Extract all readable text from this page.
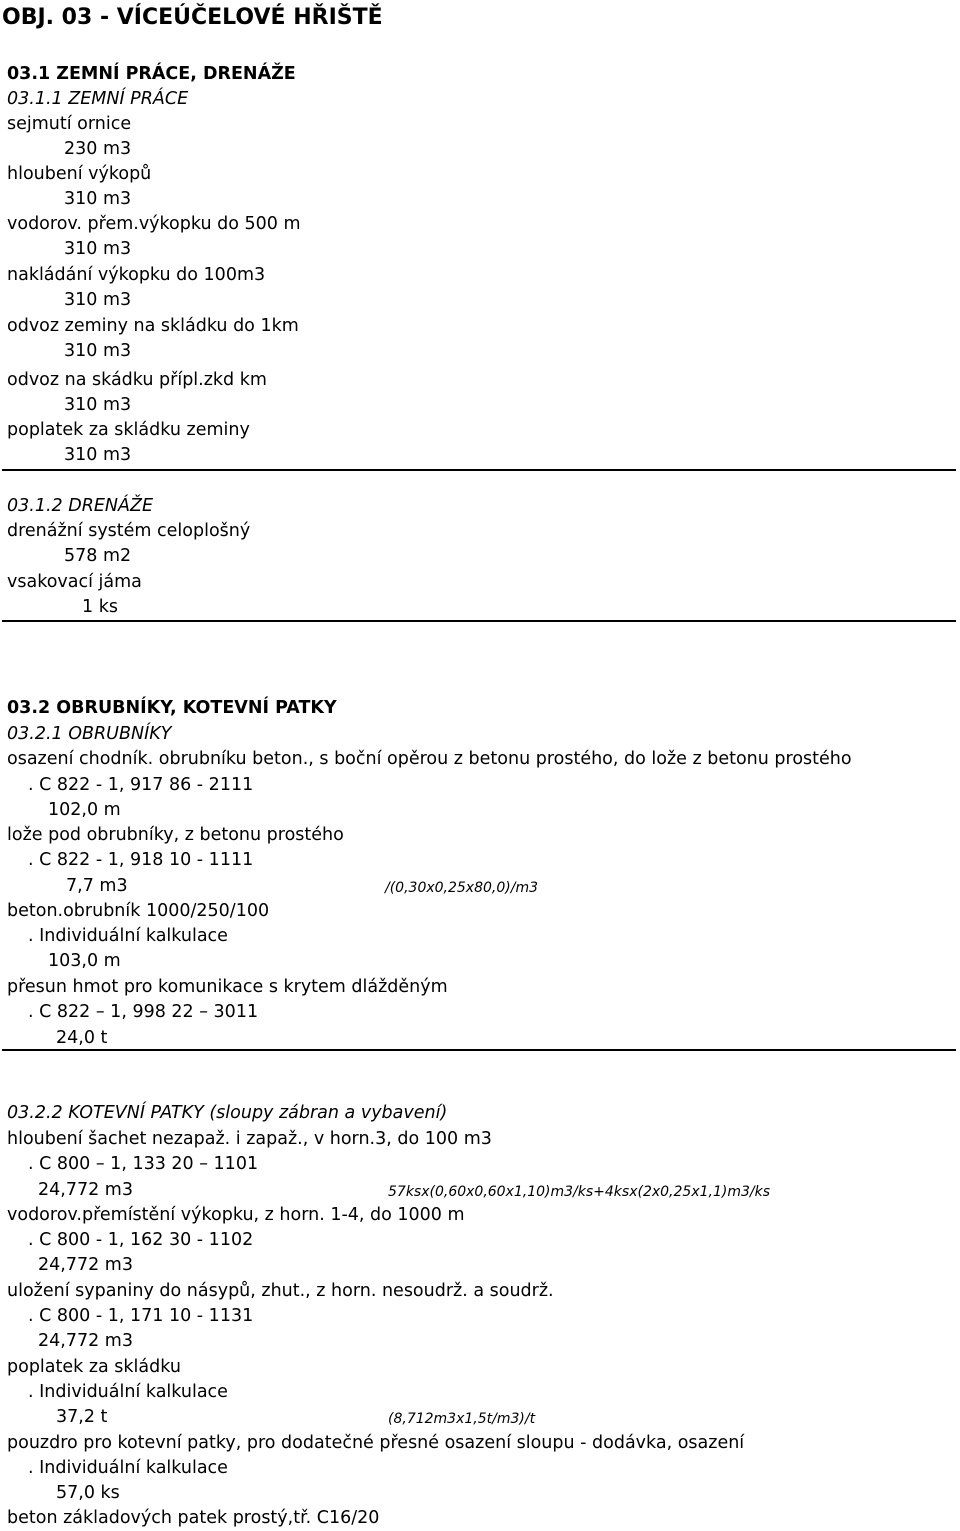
OBJ. 03 - VÍCEÚČELOVÉ HŘIŠTĚ
03.1 ZEMNÍ PRÁCE, DRENÁŽE
03.1.1 ZEMNÍ PRÁCE
sejmutí ornice
230 m3
hloubení výkopů
310 m3
vodorov. přem.výkopku do 500 m
310 m3
nakládání výkopku do 100m3
310 m3
odvoz zeminy na skládku do 1km
310 m3
odvoz na skádku přípl.zkd km
310 m3
poplatek za skládku zeminy
310 m3
03.1.2 DRENÁŽE
drenážní systém celoplošný
578 m2
vsakovací jáma
1 ks
03.2 OBRUBNÍKY, KOTEVNÍ PATKY
03.2.1 OBRUBNÍKY
osazení chodník. obrubníku beton., s boční opěrou z betonu prostého, do lože z betonu prostého
. C 822 - 1, 917 86 - 2111
102,0 m
lože pod obrubníky, z betonu prostého
. C 822 - 1, 918 10 - 1111
7,7 m3	/(0,30x0,25x80,0)/m3
beton.obrubník 1000/250/100
. Individuální kalkulace
103,0 m
přesun hmot pro komunikace s krytem dlážděným
. C 822 – 1, 998 22 – 3011
24,0 t
03.2.2 KOTEVNÍ PATKY (sloupy zábran a vybavení)
hloubení šachet nezapaž. i zapaž., v horn.3, do 100 m3
. C 800 – 1, 133 20 – 1101
24,772 m3	57ksx(0,60x0,60x1,10)m3/ks+4ksx(2x0,25x1,1)m3/ks
vodorov.přemístění výkopku, z horn. 1-4, do 1000 m
. C 800 - 1, 162 30 - 1102
24,772 m3
uložení sypaniny do násypů, zhut., z horn. nesoudrž. a soudrž.
. C 800 - 1, 171 10 - 1131
24,772 m3
poplatek za skládku
. Individuální kalkulace
37,2 t	(8,712m3x1,5t/m3)/t
pouzdro pro kotevní patky, pro dodatečné přesné osazení sloupu - dodávka, osazení
. Individuální kalkulace
57,0 ks
beton základových patek prostý,tř. C16/20
